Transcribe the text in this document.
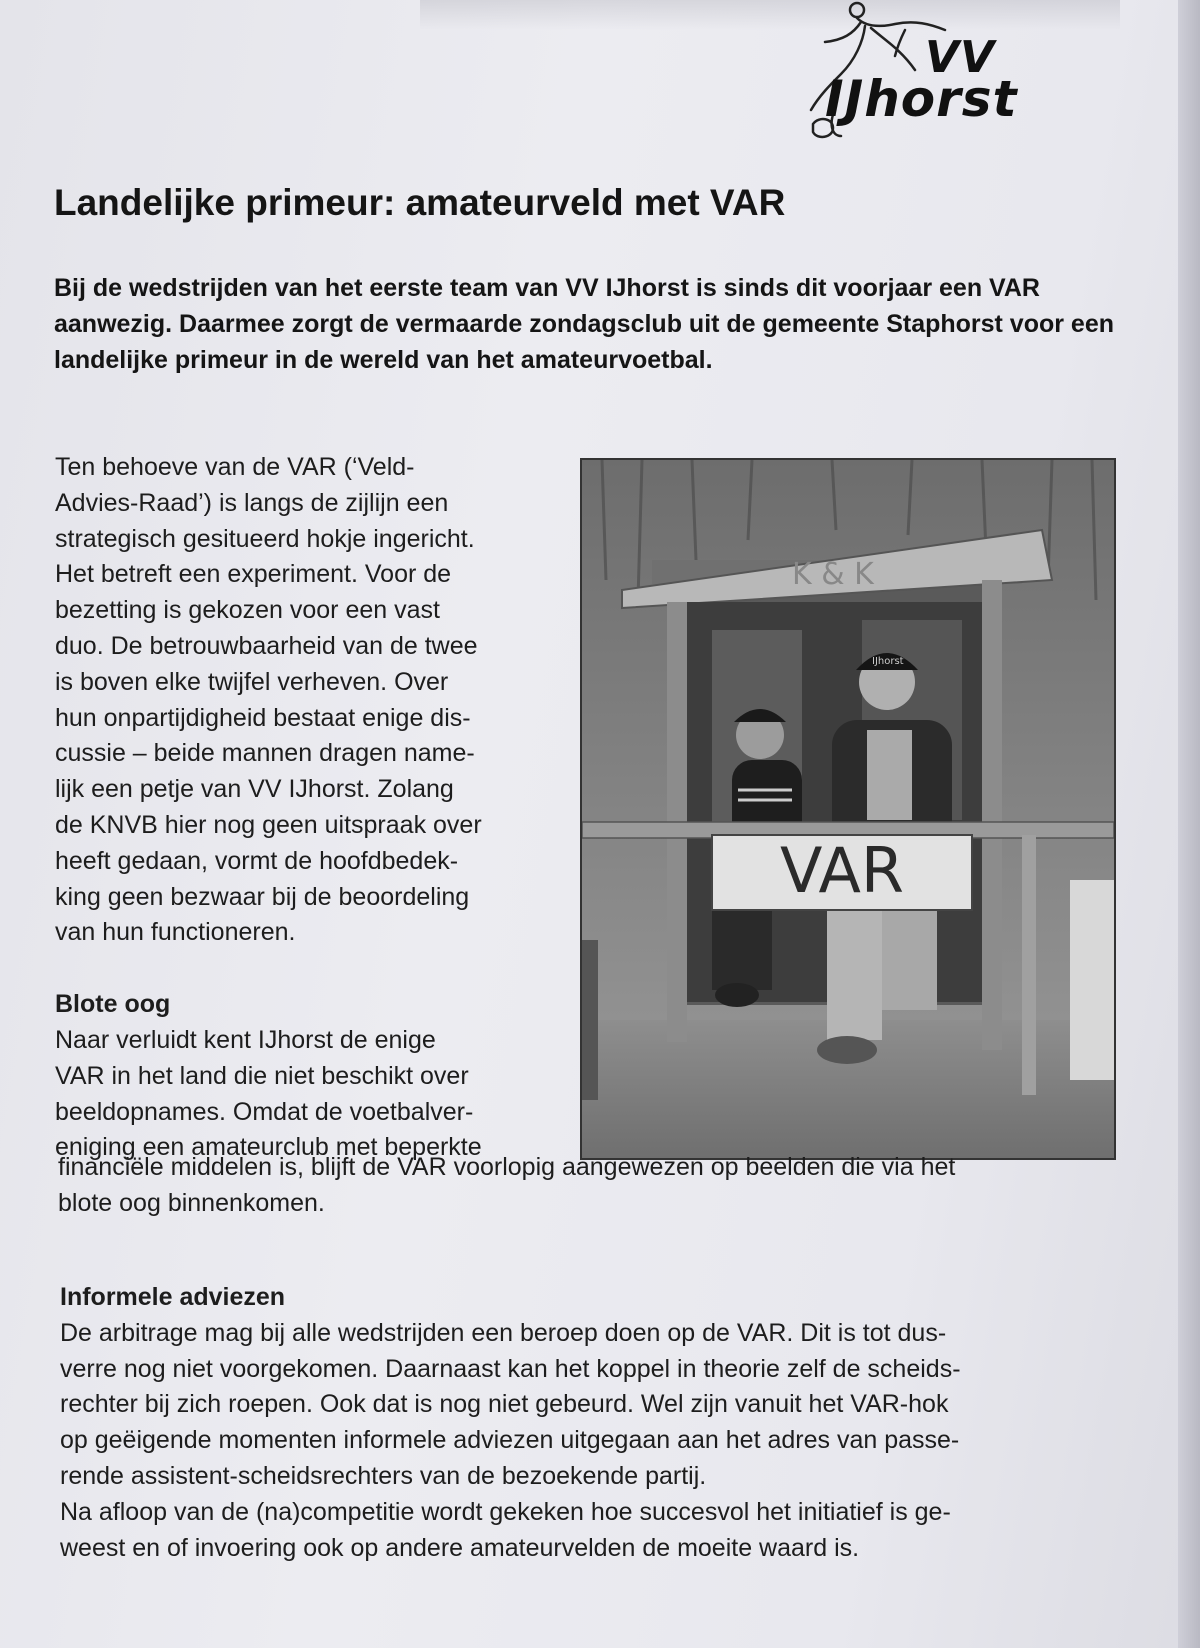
VV
IJhorst
Landelijke primeur: amateurveld met VAR

Bij de wedstrijden van het eerste team van VV IJhorst is sinds dit voorjaar een VAR aanwezig. Daarmee zorgt de vermaarde zondagsclub uit de gemeente Staphorst voor een landelijke primeur in de wereld van het amateurvoetbal.

Ten behoeve van de VAR (‘Veld-

Advies-Raad’) is langs de zijlijn een

strategisch gesitueerd hokje ingericht.

Het betreft een experiment. Voor de

bezetting is gekozen voor een vast

duo. De betrouwbaarheid van de twee

is boven elke twijfel verheven. Over

hun onpartijdigheid bestaat enige dis-

cussie – beide mannen dragen name-

lijk een petje van VV IJhorst. Zolang

de KNVB hier nog geen uitspraak over

heeft gedaan, vormt de hoofdbedek-

king geen bezwaar bij de beoordeling

van hun functioneren.

Blote oog

Naar verluidt kent IJhorst de enige

VAR in het land die niet beschikt over

beeldopnames. Omdat de voetbalver-

eniging een amateurclub met beperkte

K & K
IJhorst
VAR

financiële middelen is, blijft de VAR voorlopig aangewezen op beelden die via het

blote oog binnenkomen.

Informele adviezen

De arbitrage mag bij alle wedstrijden een beroep doen op de VAR. Dit is tot dus-

verre nog niet voorgekomen. Daarnaast kan het koppel in theorie zelf de scheids-

rechter bij zich roepen. Ook dat is nog niet gebeurd. Wel zijn vanuit het VAR-hok

op geëigende momenten informele adviezen uitgegaan aan het adres van passe-

rende assistent-scheidsrechters van de bezoekende partij.

Na afloop van de (na)competitie wordt gekeken hoe succesvol het initiatief is ge-

weest en of invoering ook op andere amateurvelden de moeite waard is.
